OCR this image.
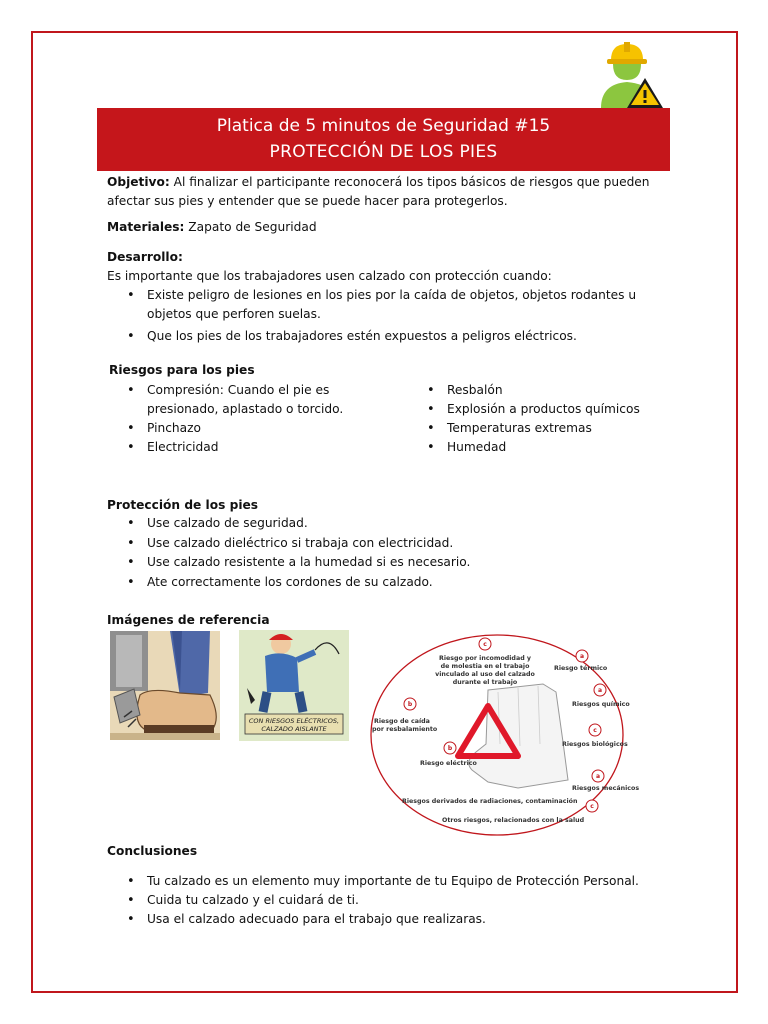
Platica de 5 minutos de Seguridad #15
PROTECCIÓN DE LOS PIES
Objetivo: Al finalizar el participante reconocerá los tipos básicos de riesgos que pueden afectar sus pies y entender que se puede hacer para protegerlos.
Materiales: Zapato de Seguridad
Desarrollo:
Es importante que los trabajadores usen calzado con protección cuando:
• Existe peligro de lesiones en los pies por la caída de objetos, objetos rodantes u objetos que perforen suelas.
• Que los pies de los trabajadores estén expuestos a peligros eléctricos.
Riesgos para los pies
• Compresión: Cuando el pie es presionado, aplastado o torcido.
• Pinchazo
• Electricidad
• Resbalón
• Explosión a productos químicos
• Temperaturas extremas
• Humedad
Protección de los pies
• Use calzado de seguridad.
• Use calzado dieléctrico si trabaja con electricidad.
• Use calzado resistente a la humedad si es necesario.
• Ate correctamente los cordones de su calzado.
Imágenes de referencia
CON RIESGOS ELÉCTRICOS,
CALZADO AISLANTE
c
a
a
c
a
b
b
c
Riesgo por incomodidad y
de molestia en el trabajo
vinculado al uso del calzado
durante el trabajo
Riesgo térmico
Riesgos químico
Riesgos biológicos
Riesgos mecánicos
Riesgo de caída
por resbalamiento
Riesgo eléctrico
Riesgos derivados de radiaciones, contaminación
Otros riesgos, relacionados con la salud
Conclusiones
• Tu calzado es un elemento muy importante de tu Equipo de Protección Personal.
• Cuida tu calzado y el cuidará de ti.
• Usa el calzado adecuado para el trabajo que realizaras.
